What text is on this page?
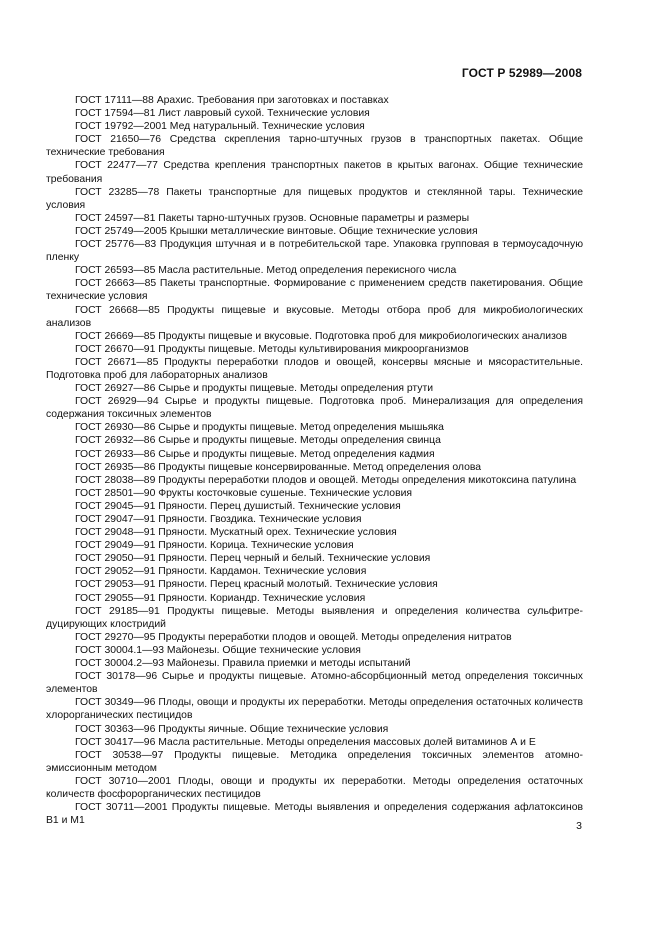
ГОСТ Р 52989—2008
ГОСТ 17111—88 Арахис. Требования при заготовках и поставках
ГОСТ 17594—81 Лист лавровый сухой. Технические условия
ГОСТ 19792—2001 Мед натуральный. Технические условия
ГОСТ 21650—76 Средства скрепления тарно-штучных грузов в транспортных пакетах. Общие технические требования
ГОСТ 22477—77 Средства крепления транспортных пакетов в крытых вагонах. Общие технические требования
ГОСТ 23285—78 Пакеты транспортные для пищевых продуктов и стеклянной тары. Технические условия
ГОСТ 24597—81 Пакеты тарно-штучных грузов. Основные параметры и размеры
ГОСТ 25749—2005 Крышки металлические винтовые. Общие технические условия
ГОСТ 25776—83 Продукция штучная и в потребительской таре. Упаковка групповая в термоусадочную пленку
ГОСТ 26593—85 Масла растительные. Метод определения перекисного числа
ГОСТ 26663—85 Пакеты транспортные. Формирование с применением средств пакетирования. Общие технические условия
ГОСТ 26668—85 Продукты пищевые и вкусовые. Методы отбора проб для микробиологических анализов
ГОСТ 26669—85 Продукты пищевые и вкусовые. Подготовка проб для микробиологических анализов
ГОСТ 26670—91 Продукты пищевые. Методы культивирования микроорганизмов
ГОСТ 26671—85 Продукты переработки плодов и овощей, консервы мясные и мясорастительные. Подготовка проб для лабораторных анализов
ГОСТ 26927—86 Сырье и продукты пищевые. Методы определения ртути
ГОСТ 26929—94 Сырье и продукты пищевые. Подготовка проб. Минерализация для определения содержания токсичных элементов
ГОСТ 26930—86 Сырье и продукты пищевые. Метод определения мышьяка
ГОСТ 26932—86 Сырье и продукты пищевые. Методы определения свинца
ГОСТ 26933—86 Сырье и продукты пищевые. Метод определения кадмия
ГОСТ 26935—86 Продукты пищевые консервированные. Метод определения олова
ГОСТ 28038—89 Продукты переработки плодов и овощей. Методы определения микотоксина патулина
ГОСТ 28501—90 Фрукты косточковые сушеные. Технические условия
ГОСТ 29045—91 Пряности. Перец душистый. Технические условия
ГОСТ 29047—91 Пряности. Гвоздика. Технические условия
ГОСТ 29048—91 Пряности. Мускатный орех. Технические условия
ГОСТ 29049—91 Пряности. Корица. Технические условия
ГОСТ 29050—91 Пряности. Перец черный и белый. Технические условия
ГОСТ 29052—91 Пряности. Кардамон. Технические условия
ГОСТ 29053—91 Пряности. Перец красный молотый. Технические условия
ГОСТ 29055—91 Пряности. Кориандр. Технические условия
ГОСТ 29185—91 Продукты пищевые. Методы выявления и определения количества сульфитредуцирующих клостридий
ГОСТ 29270—95 Продукты переработки плодов и овощей. Методы определения нитратов
ГОСТ 30004.1—93 Майонезы. Общие технические условия
ГОСТ 30004.2—93 Майонезы. Правила приемки и методы испытаний
ГОСТ 30178—96 Сырье и продукты пищевые. Атомно-абсорбционный метод определения токсичных элементов
ГОСТ 30349—96 Плоды, овощи и продукты их переработки. Методы определения остаточных количеств хлорорганических пестицидов
ГОСТ 30363—96 Продукты яичные. Общие технические условия
ГОСТ 30417—96 Масла растительные. Методы определения массовых долей витаминов А и Е
ГОСТ 30538—97 Продукты пищевые. Методика определения токсичных элементов атомно-эмиссионным методом
ГОСТ 30710—2001 Плоды, овощи и продукты их переработки. Методы определения остаточных количеств фосфорорганических пестицидов
ГОСТ 30711—2001 Продукты пищевые. Методы выявления и определения содержания афлатоксинов В1 и М1	3
